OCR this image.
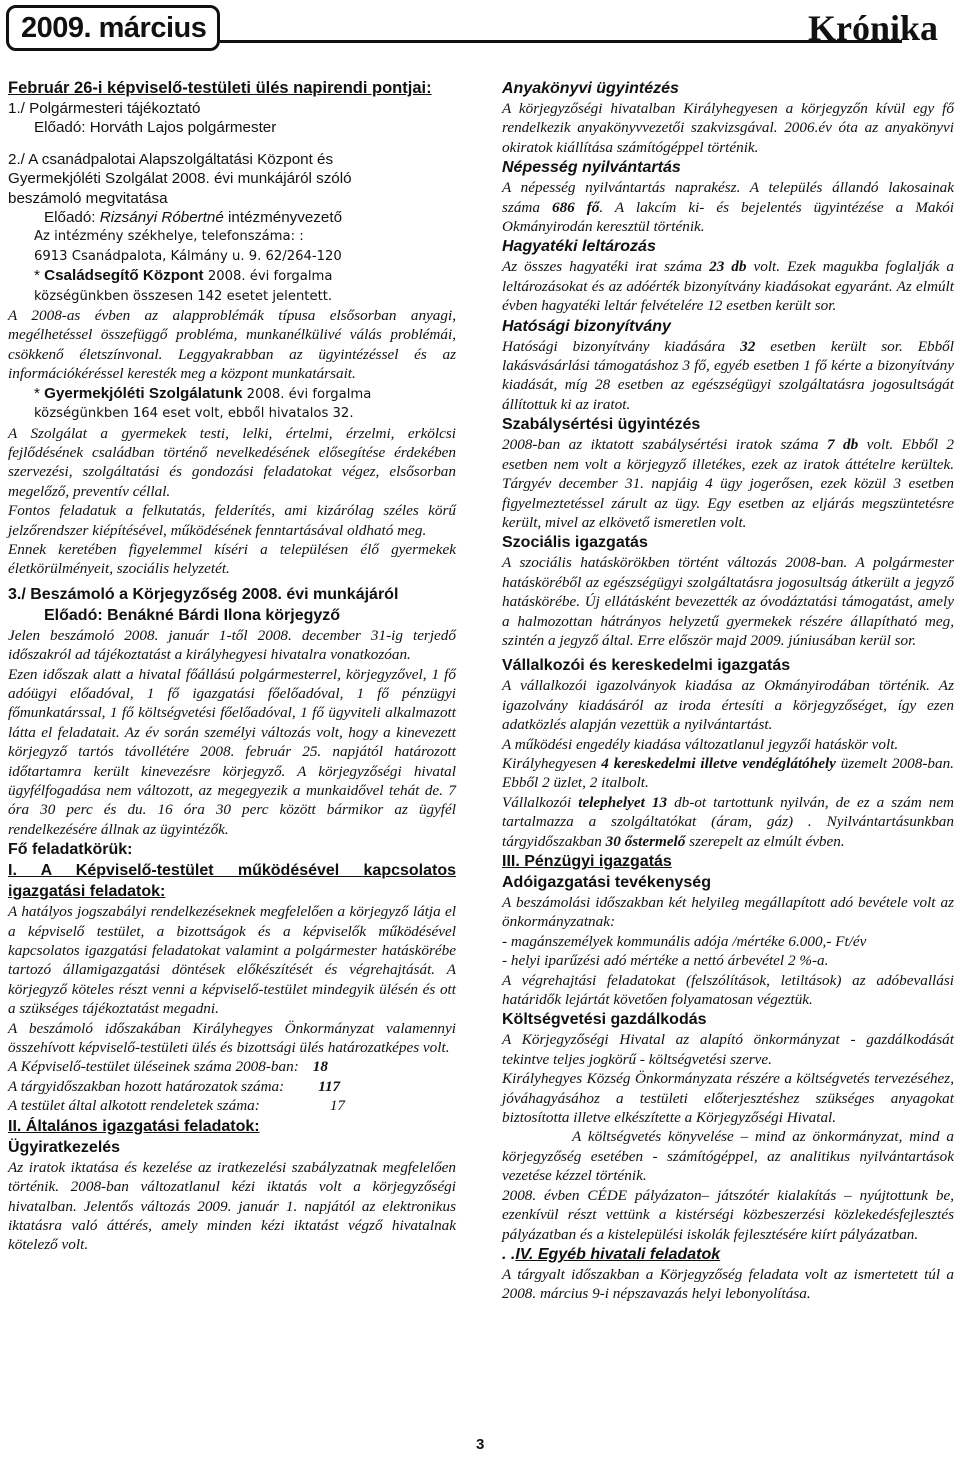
2009. március	Krónika

Február 26-i képviselő-testületi ülés napirendi pontjai:

1./ Polgármesteri tájékoztató

Előadó: Horváth Lajos polgármester

2./ A csanádpalotai Alapszolgáltatási Központ és

Gyermekjóléti Szolgálat 2008. évi munkájáról szóló

beszámoló megvitatása

Előadó: Rizsányi Róbertné intézményvezető

Az intézmény székhelye, telefonszáma: :

6913 Csanádpalota, Kálmány u. 9. 62/264-120

* Családsegítő Központ 2008. évi forgalma

községünkben összesen 142 esetet jelentett.

A 2008-as évben az alapproblémák típusa elsősorban anyagi, megélhetéssel összefüggő probléma, munkanélkülivé válás problémái, csökkenő életszínvonal. Leggyakrabban az ügyintézéssel és az információkéréssel keresték meg a központ munkatársait.

* Gyermekjóléti Szolgálatunk 2008. évi forgalma

községünkben 164 eset volt, ebből hivatalos 32.

A Szolgálat a gyermekek testi, lelki, értelmi, érzelmi, erkölcsi fejlődésének családban történő nevelkedésének elősegítése érdekében szervezési, szolgáltatási és gondozási feladatokat végez, elsősorban megelőző, preventív céllal.

Fontos feladatuk a felkutatás, felderítés, ami kizárólag széles körű jelzőrendszer kiépítésével, működésének fenntartásával oldható meg.

Ennek keretében figyelemmel kíséri a településen élő gyermekek életkörülményeit, szociális helyzetét.

3./ Beszámoló a Körjegyzőség 2008. évi munkájáról

Előadó: Benákné Bárdi Ilona körjegyző

Jelen beszámoló 2008. január 1-től 2008. december 31-ig terjedő időszakról ad tájékoztatást a királyhegyesi hivatalra vonatkozóan.

Ezen időszak alatt a hivatal főállású polgármesterrel, körjegyzővel, 1 fő adóügyi előadóval, 1 fő igazgatási főelőadóval, 1 fő pénzügyi főmunkatárssal, 1 fő költségvetési főelőadóval, 1 fő ügyviteli alkalmazott látta el feladatait. Az év során személyi változás volt, hogy a kinevezett körjegyző tartós távollétére 2008. február 25. napjától határozott időtartamra került kinevezésre körjegyző. A körjegyzőségi hivatal ügyfélfogadása nem változott, az megegyezik a munkaidővel tehát de. 7 óra 30 perc és du. 16 óra 30 perc között bármikor az ügyfél rendelkezésére állnak az ügyintézők.

Fő feladatkörük:

I. A Képviselő-testület működésével kapcsolatos igazgatási feladatok:

A hatályos jogszabályi rendelkezéseknek megfelelően a körjegyző látja el a képviselő testület, a bizottságok és a képviselők működésével kapcsolatos igazgatási feladatokat valamint a polgármester hatáskörébe tartozó államigazgatási döntések előkészítését és végrehajtását. A körjegyző köteles részt venni a képviselő-testület mindegyik ülésén és ott a szükséges tájékoztatást megadni.

A beszámoló időszakában Királyhegyes Önkormányzat valamennyi összehívott képviselő-testületi ülés és bizottsági ülés határozatképes volt.

A Képviselő-testület üléseinek száma 2008-ban: 18

A tárgyidőszakban hozott határozatok száma: 117

A testület által alkotott rendeletek száma:	17

II. Általános igazgatási feladatok:

Ügyiratkezelés

Az iratok iktatása és kezelése az iratkezelési szabályzatnak megfelelően történik. 2008-ban változatlanul kézi iktatás volt a körjegyzőségi hivatalban. Jelentős változás 2009. január 1. napjától az elektronikus iktatásra való áttérés, amely minden kézi iktatást végző hivatalnak kötelező volt.

Anyakönyvi ügyintézés

A körjegyzőségi hivatalban Királyhegyesen a körjegyzőn kívül egy fő rendelkezik anyakönyvvezetői szakvizsgával. 2006.év óta az anyakönyvi okiratok kiállítása számítógéppel történik.

Népesség nyilvántartás

A népesség nyilvántartás naprakész. A település állandó lakosainak száma 686 fő. A lakcím ki- és bejelentés ügyintézése a Makói Okmányirodán keresztül történik.

Hagyatéki leltározás

Az összes hagyatéki irat száma 23 db volt. Ezek magukba foglalják a leltározásokat és az adóérték bizonyítvány kiadásokat egyaránt. Az elmúlt évben hagyatéki leltár felvételére 12 esetben került sor.

Hatósági bizonyítvány

Hatósági bizonyítvány kiadására 32 esetben került sor. Ebből lakásvásárlási támogatáshoz 3 fő, egyéb esetben 1 fő kérte a bizonyítvány kiadását, míg 28 esetben az egészségügyi szolgáltatásra jogosultságát állítottuk ki az iratot.

Szabálysértési ügyintézés

2008-ban az iktatott szabálysértési iratok száma 7 db volt. Ebből 2 esetben nem volt a körjegyző illetékes, ezek az iratok áttételre kerültek. Tárgyév december 31. napjáig 4 ügy jogerősen, ezek közül 3 esetben figyelmeztetéssel zárult az ügy. Egy esetben az eljárás megszüntetésre került, mivel az elkövető ismeretlen volt.

Szociális igazgatás

A szociális hatáskörökben történt változás 2008-ban. A polgármester hatásköréből az egészségügyi szolgáltatásra jogosultság átkerült a jegyző hatáskörébe. Új ellátásként bevezették az óvodáztatási támogatást, amely a halmozottan hátrányos helyzetű gyermekek részére állapítható meg, szintén a jegyző által. Erre először majd 2009. júniusában kerül sor.

Vállalkozói és kereskedelmi igazgatás

A vállalkozói igazolványok kiadása az Okmányirodában történik. Az igazolvány kiadásáról az iroda értesíti a körjegyzőséget, így ezen adatközlés alapján vezettük a nyilvántartást.

A működési engedély kiadása változatlanul jegyzői hatáskör volt.

Királyhegyesen 4 kereskedelmi illetve vendéglátóhely üzemelt 2008-ban. Ebből 2 üzlet, 2 italbolt.

Vállalkozói telephelyet 13 db-ot tartottunk nyilván, de ez a szám nem tartalmazza a szolgáltatókat (áram, gáz) . Nyilvántartásunkban tárgyidőszakban 30 őstermelő szerepelt az elmúlt évben.

III. Pénzügyi igazgatás

Adóigazgatási tevékenység

A beszámolási időszakban két helyileg megállapított adó bevétele volt az önkormányzatnak:

- magánszemélyek kommunális adója /mértéke 6.000,- Ft/év

- helyi iparűzési adó mértéke a nettó árbevétel 2 %-a.

A végrehajtási feladatokat (felszólítások, letiltások) az adóbevallási határidők lejártát követően folyamatosan végeztük.

Költségvetési gazdálkodás

A Körjegyzőségi Hivatal az alapító önkormányzat - gazdálkodását tekintve teljes jogkörű - költségvetési szerve.

Királyhegyes Község Önkormányzata részére a költségvetés tervezéséhez, jóváhagyásához a testületi előterjesztéshez szükséges anyagokat biztosította illetve elkészítette a Körjegyzőségi Hivatal.

A költségvetés könyvelése – mind az önkormányzat, mind a körjegyzőség esetében - számítógéppel, az analitikus nyilvántartások vezetése kézzel történik.

2008. évben CÉDE pályázaton– játszótér kialakítás – nyújtottunk be, ezenkívül részt vettünk a kistérségi közbeszerzési közlekedésfejlesztés pályázatban és a kistelepülési iskolák fejlesztésére kiírt pályázatban.

. .IV. Egyéb hivatali feladatok

A tárgyalt időszakban a Körjegyzőség feladata volt az ismertetett túl a 2008. március 9-i népszavazás helyi lebonyolítása.

3
